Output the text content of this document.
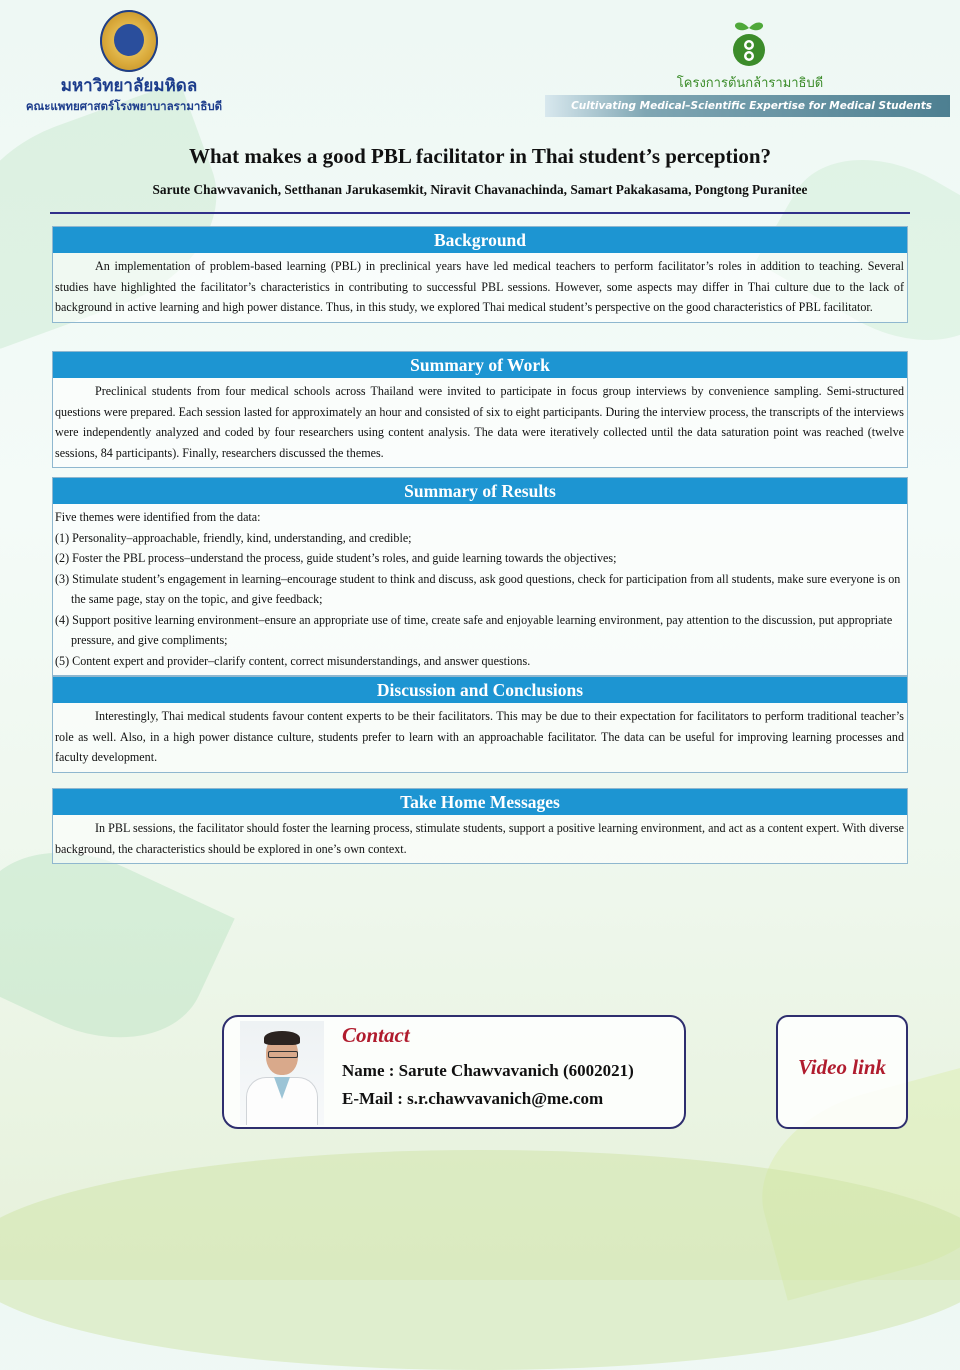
มหาวิทยาลัยมหิดล
คณะแพทยศาสตร์โรงพยาบาลรามาธิบดี
โครงการต้นกล้ารามาธิบดี
Cultivating Medical–Scientific Expertise for Medical Students
What makes a good PBL facilitator in Thai student’s perception?
Sarute Chawvavanich, Setthanan Jarukasemkit, Niravit Chavanachinda, Samart Pakakasama, Pongtong Puranitee
Background

An implementation of problem-based learning (PBL) in preclinical years have led medical teachers to perform facilitator’s roles in addition to teaching. Several studies have highlighted the facilitator’s characteristics in contributing to successful PBL sessions. However, some aspects may differ in Thai culture due to the lack of background in active learning and high power distance. Thus, in this study, we explored Thai medical student’s perspective on the good characteristics of PBL facilitator.

Summary of Work

Preclinical students from four medical schools across Thailand were invited to participate in focus group interviews by convenience sampling. Semi-structured questions were prepared. Each session lasted for approximately an hour and consisted of six to eight participants. During the interview process, the transcripts of the interviews were independently analyzed and coded by four researchers using content analysis. The data were iteratively collected until the data saturation point was reached (twelve sessions, 84 participants). Finally, researchers discussed the themes.

Summary of Results
Five themes were identified from the data:
(1) Personality–approachable, friendly, kind, understanding, and credible;
(2) Foster the PBL process–understand the process, guide student’s roles, and guide learning towards the objectives;
(3) Stimulate student’s engagement in learning–encourage student to think and discuss, ask good questions, check for participation from all students, make sure everyone is on the same page, stay on the topic, and give feedback;
(4) Support positive learning environment–ensure an appropriate use of time, create safe and enjoyable learning environment, pay attention to the discussion, put appropriate pressure, and give compliments;
(5) Content expert and provider–clarify content, correct misunderstandings, and answer questions.
Discussion and Conclusions

Interestingly, Thai medical students favour content experts to be their facilitators. This may be due to their expectation for facilitators to perform traditional teacher’s role as well. Also, in a high power distance culture, students prefer to learn with an approachable facilitator. The data can be useful for improving learning processes and faculty development.

Take Home Messages

In PBL sessions, the facilitator should foster the learning process, stimulate students, support a positive learning environment, and act as a content expert. With diverse background, the characteristics should be explored in one’s own context.

Contact
Name : Sarute Chawvavanich (6002021)
E-Mail : s.r.chawvavanich@me.com
Video link
